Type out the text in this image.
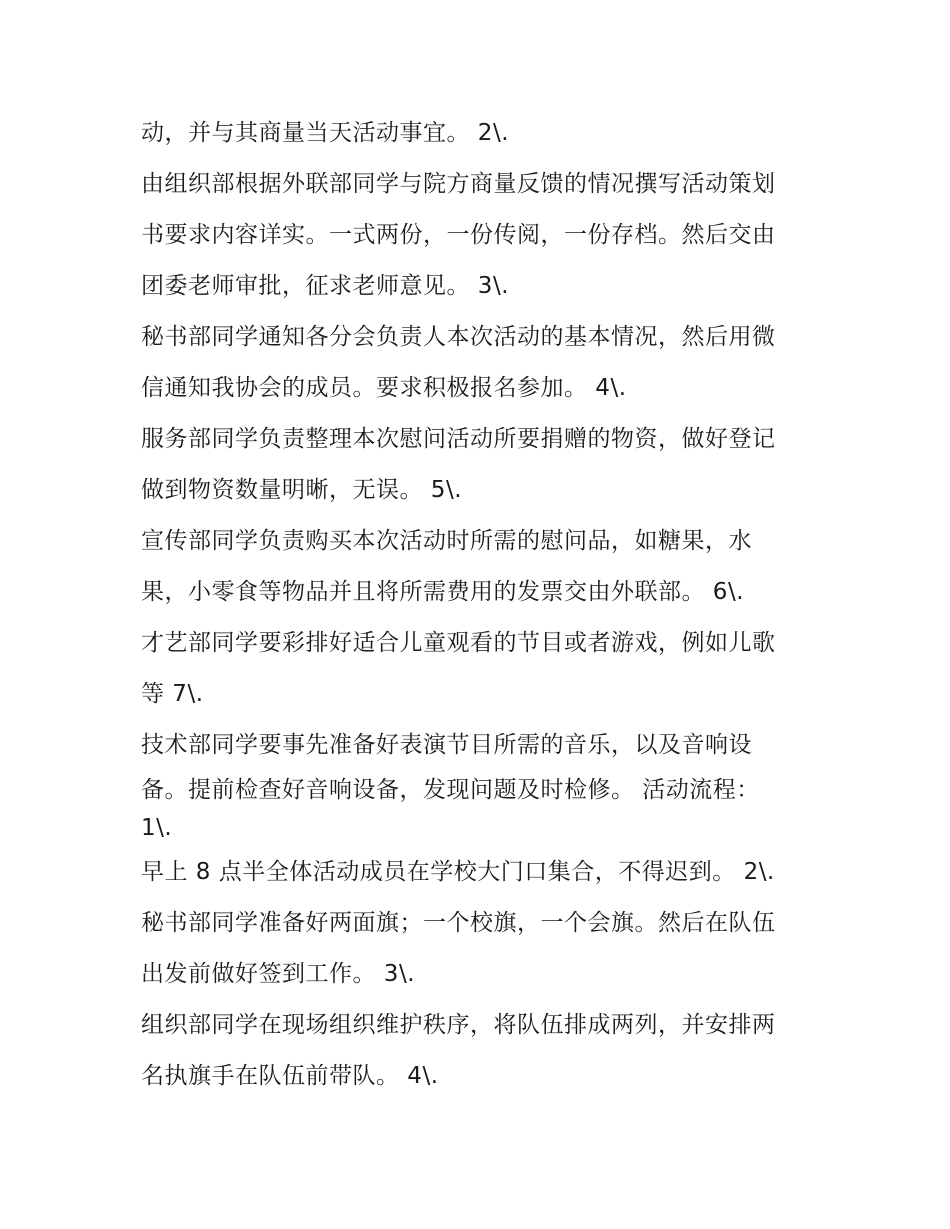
动，并与其商量当天活动事宜。 2\.
由组织部根据外联部同学与院方商量反馈的情况撰写活动策划
书要求内容详实。一式两份，一份传阅，一份存档。然后交由
团委老师审批，征求老师意见。 3\.
秘书部同学通知各分会负责人本次活动的基本情况，然后用微
信通知我协会的成员。要求积极报名参加。 4\.
服务部同学负责整理本次慰问活动所要捐赠的物资，做好登记
做到物资数量明晰，无误。 5\.
宣传部同学负责购买本次活动时所需的慰问品，如糖果，水
果，小零食等物品并且将所需费用的发票交由外联部。 6\.
才艺部同学要彩排好适合儿童观看的节目或者游戏，例如儿歌
等 7\.
技术部同学要事先准备好表演节目所需的音乐，以及音响设
备。提前检查好音响设备，发现问题及时检修。 活动流程：
1\.
早上 8 点半全体活动成员在学校大门口集合，不得迟到。 2\.
秘书部同学准备好两面旗；一个校旗，一个会旗。然后在队伍
出发前做好签到工作。 3\.
组织部同学在现场组织维护秩序，将队伍排成两列，并安排两
名执旗手在队伍前带队。 4\.
